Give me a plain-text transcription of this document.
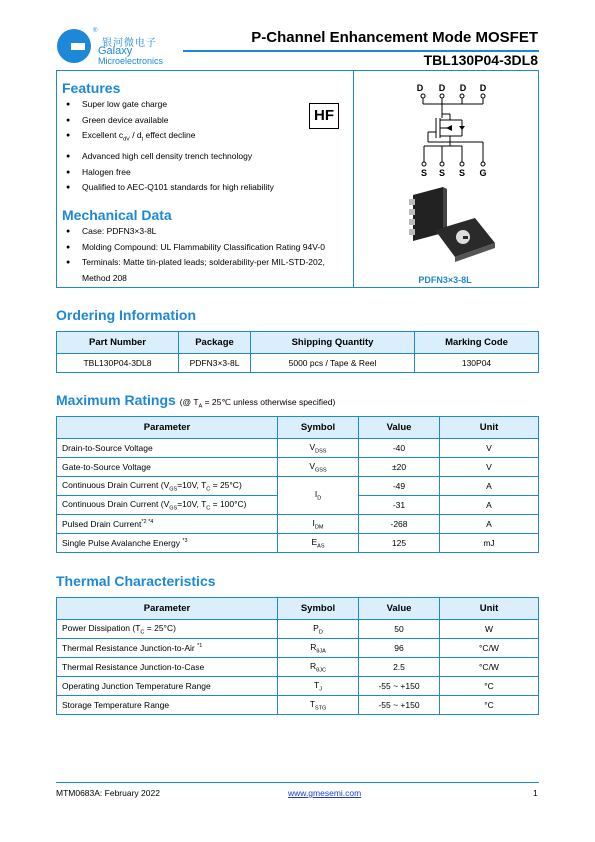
®
银河微电子
Galaxy
Microelectronics
P-Channel Enhancement Mode MOSFET
TBL130P04-3DL8
Features
● Super low gate charge
● Green device available
● Excellent $c_{dV} / d_t$ effect decline
● Advanced high cell density trench technology
● Halogen free
● Qualified to AEC-Q101 standards for high reliability
HF
Mechanical Data
● Case: PDFN3×3-8L
● Molding Compound: UL Flammability Classification Rating 94V-0
● Terminals: Matte tin-plated leads; solderability-per MIL-STD-202, Method 208
D D D D
S S S G
PDFN3×3-8L
Ordering Information
Part Number	Package	Shipping Quantity	Marking Code
TBL130P04-3DL8	PDFN3×3-8L	5000 pcs / Tape & Reel	130P04
Maximum Ratings (@ $T_A$ = 25℃ unless otherwise specified)
Parameter	Symbol	Value	Unit
Drain-to-Source Voltage	$V_{DSS}$	-40	V
Gate-to-Source Voltage	$V_{GSS}$	±20	V
Continuous Drain Current ($V_{GS}=10V$, $T_C = 25^\circ C$)	$I_D$	-49	A
Continuous Drain Current ($V_{GS}=10V$, $T_C = 100^\circ C$)		-31	A
Pulsed Drain Current$^{*2 *4}$	$I_{DM}$	-268	A
Single Pulse Avalanche Energy $^{*3}$	$E_{AS}$	125	mJ
Thermal Characteristics
Parameter	Symbol	Value	Unit
Power Dissipation $(T_C = 25^\circ C)$	$P_D$	50	W
Thermal Resistance Junction-to-Air $^{*1}$	$R_{\theta JA}$	96	°C/W
Thermal Resistance Junction-to-Case	$R_{\theta JC}$	2.5	°C/W
Operating Junction Temperature Range	$T_J$	-55 ~ +150	°C
Storage Temperature Range	$T_{STG}$	-55 ~ +150	°C
MTM0683A: February 2022	www.gmesemi.com	1
